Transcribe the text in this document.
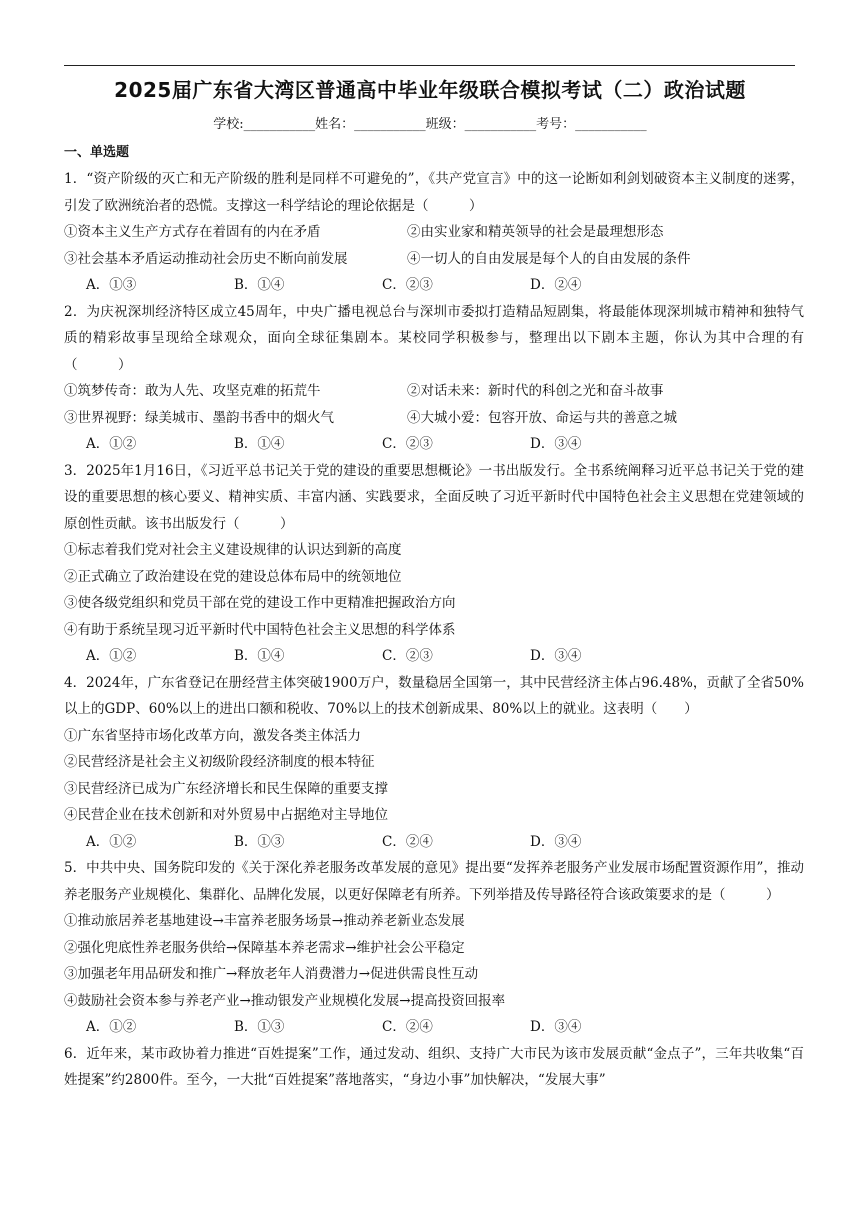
2025届广东省大湾区普通高中毕业年级联合模拟考试（二）政治试题
学校:___________姓名：___________班级：___________考号：___________
一、单选题

1．“资产阶级的灭亡和无产阶级的胜利是同样不可避免的”，《共产党宣言》中的这一论断如利剑划破资本主义制度的迷雾，引发了欧洲统治者的恐慌。支撑这一科学结论的理论依据是（　　　）

①资本主义生产方式存在着固有的内在矛盾	②由实业家和精英领导的社会是最理想形态
③社会基本矛盾运动推动社会历史不断向前发展	④一切人的自由发展是每个人的自由发展的条件
A．①③	B．①④	C．②③	D．②④

2．为庆祝深圳经济特区成立45周年，中央广播电视总台与深圳市委拟打造精品短剧集，将最能体现深圳城市精神和独特气质的精彩故事呈现给全球观众，面向全球征集剧本。某校同学积极参与，整理出以下剧本主题，你认为其中合理的有（　　　）

①筑梦传奇：敢为人先、攻坚克难的拓荒牛	②对话未来：新时代的科创之光和奋斗故事
③世界视野：绿美城市、墨韵书香中的烟火气	④大城小爱：包容开放、命运与共的善意之城
A．①②	B．①④	C．②③	D．③④

3．2025年1月16日，《习近平总书记关于党的建设的重要思想概论》一书出版发行。全书系统阐释习近平总书记关于党的建设的重要思想的核心要义、精神实质、丰富内涵、实践要求，全面反映了习近平新时代中国特色社会主义思想在党建领域的原创性贡献。该书出版发行（　　　）

①标志着我们党对社会主义建设规律的认识达到新的高度
②正式确立了政治建设在党的建设总体布局中的统领地位
③使各级党组织和党员干部在党的建设工作中更精准把握政治方向
④有助于系统呈现习近平新时代中国特色社会主义思想的科学体系
A．①②	B．①④	C．②③	D．③④

4．2024年，广东省登记在册经营主体突破1900万户，数量稳居全国第一，其中民营经济主体占96.48%，贡献了全省50%以上的GDP、60%以上的进出口额和税收、70%以上的技术创新成果、80%以上的就业。这表明（　　）

①广东省坚持市场化改革方向，激发各类主体活力
②民营经济是社会主义初级阶段经济制度的根本特征
③民营经济已成为广东经济增长和民生保障的重要支撑
④民营企业在技术创新和对外贸易中占据绝对主导地位
A．①②	B．①③	C．②④	D．③④

5．中共中央、国务院印发的《关于深化养老服务改革发展的意见》提出要“发挥养老服务产业发展市场配置资源作用”，推动养老服务产业规模化、集群化、品牌化发展，以更好保障老有所养。下列举措及传导路径符合该政策要求的是（　　　）

①推动旅居养老基地建设→丰富养老服务场景→推动养老新业态发展
②强化兜底性养老服务供给→保障基本养老需求→维护社会公平稳定
③加强老年用品研发和推广→释放老年人消费潜力→促进供需良性互动
④鼓励社会资本参与养老产业→推动银发产业规模化发展→提高投资回报率
A．①②	B．①③	C．②④	D．③④

6．近年来，某市政协着力推进“百姓提案”工作，通过发动、组织、支持广大市民为该市发展贡献“金点子”，三年共收集“百姓提案”约2800件。至今，一大批“百姓提案”落地落实，“身边小事”加快解决，“发展大事”
